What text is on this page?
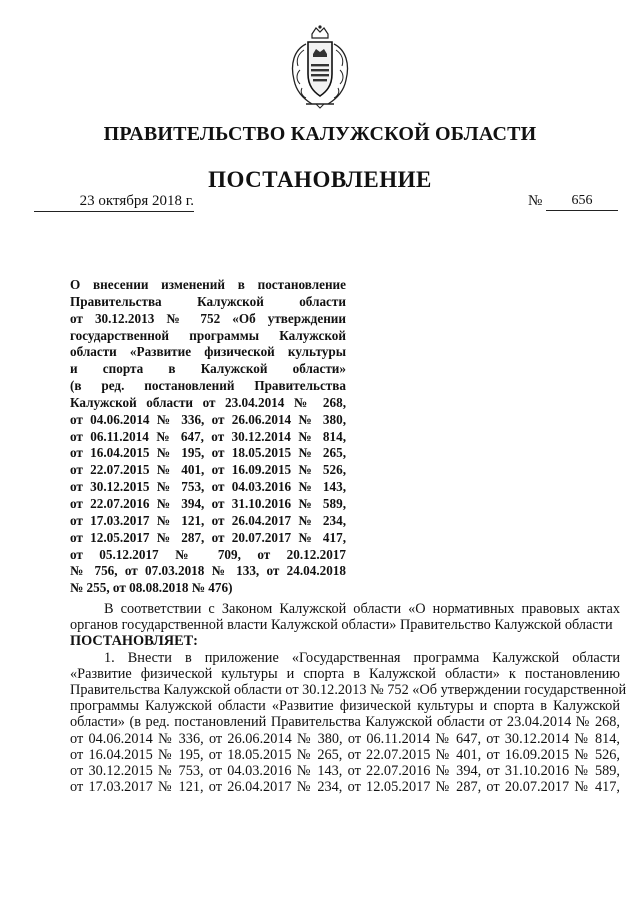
ПРАВИТЕЛЬСТВО КАЛУЖСКОЙ ОБЛАСТИ
ПОСТАНОВЛЕНИЕ
23 октября 2018 г.	№	656
О внесении изменений в постановление
Правительства Калужской области
от 30.12.2013 № 752 «Об утверждении
государственной программы Калужской
области «Развитие физической культуры
и спорта в Калужской области»
(в ред. постановлений Правительства
Калужской области от 23.04.2014 № 268,
от 04.06.2014 № 336, от 26.06.2014 № 380,
от 06.11.2014 № 647, от 30.12.2014 № 814,
от 16.04.2015 № 195, от 18.05.2015 № 265,
от 22.07.2015 № 401, от 16.09.2015 № 526,
от 30.12.2015 № 753, от 04.03.2016 № 143,
от 22.07.2016 № 394, от 31.10.2016 № 589,
от 17.03.2017 № 121, от 26.04.2017 № 234,
от 12.05.2017 № 287, от 20.07.2017 № 417,
от 05.12.2017 № 709, от 20.12.2017
№ 756, от 07.03.2018 № 133, от 24.04.2018
№ 255, от 08.08.2018 № 476)
В соответствии с Законом Калужской области «О нормативных правовых актах
органов государственной власти Калужской области» Правительство Калужской области
ПОСТАНОВЛЯЕТ:
1. Внести в приложение «Государственная программа Калужской области
«Развитие физической культуры и спорта в Калужской области» к постановлению
Правительства Калужской области от 30.12.2013 № 752 «Об утверждении государственной
программы Калужской области «Развитие физической культуры и спорта в Калужской
области» (в ред. постановлений Правительства Калужской области от 23.04.2014 № 268,
от 04.06.2014 № 336, от 26.06.2014 № 380, от 06.11.2014 № 647, от 30.12.2014 № 814,
от 16.04.2015 № 195, от 18.05.2015 № 265, от 22.07.2015 № 401, от 16.09.2015 № 526,
от 30.12.2015 № 753, от 04.03.2016 № 143, от 22.07.2016 № 394, от 31.10.2016 № 589,
от 17.03.2017 № 121, от 26.04.2017 № 234, от 12.05.2017 № 287, от 20.07.2017 № 417,
